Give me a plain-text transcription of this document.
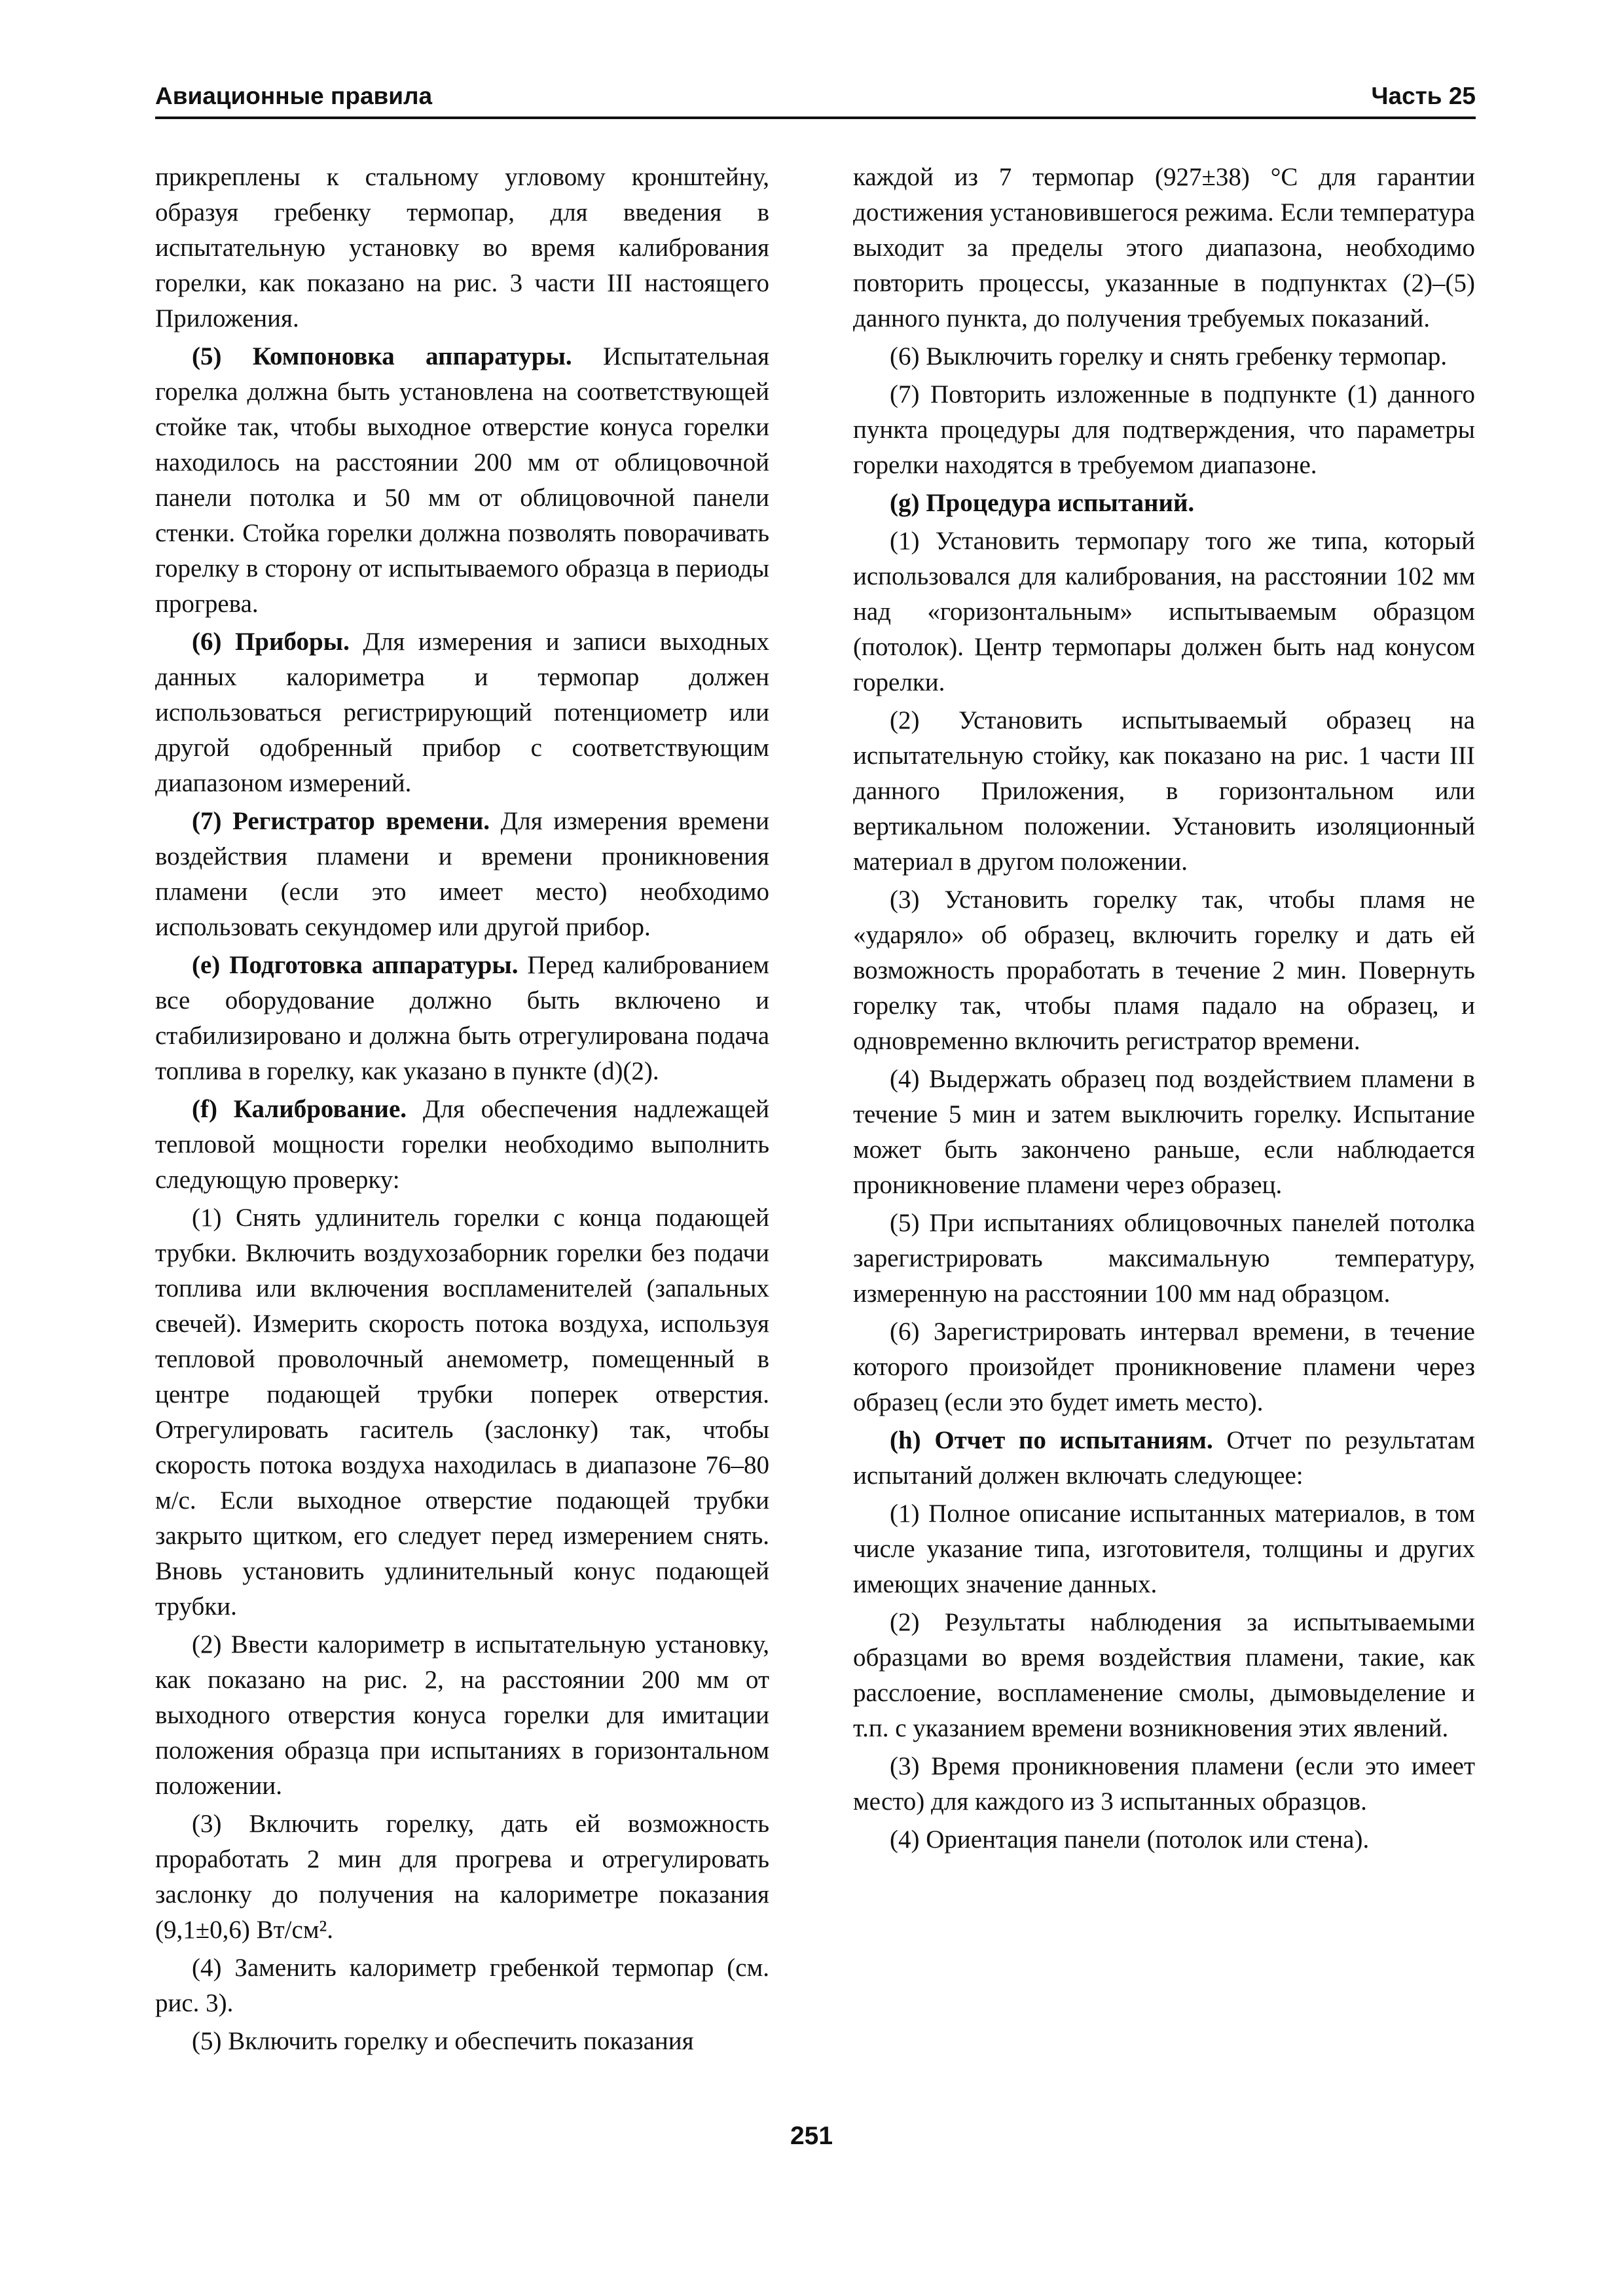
Авиационные правила	Часть 25

прикреплены к стальному угловому кронштейну, образуя гребенку термопар, для введения в испытательную установку во время калибрования горелки, как показано на рис. 3 части III настоящего Приложения.

(5) Компоновка аппаратуры. Испытательная горелка должна быть установлена на соответствующей стойке так, чтобы выходное отверстие конуса горелки находилось на расстоянии 200 мм от облицовочной панели потолка и 50 мм от облицовочной панели стенки. Стойка горелки должна позволять поворачивать горелку в сторону от испытываемого образца в периоды прогрева.

(6) Приборы. Для измерения и записи выходных данных калориметра и термопар должен использоваться регистрирующий потенциометр или другой одобренный прибор с соответствующим диапазоном измерений.

(7) Регистратор времени. Для измерения времени воздействия пламени и времени проникновения пламени (если это имеет место) необходимо использовать секундомер или другой прибор.

(e) Подготовка аппаратуры. Перед калиброванием все оборудование должно быть включено и стабилизировано и должна быть отрегулирована подача топлива в горелку, как указано в пункте (d)(2).

(f) Калибрование. Для обеспечения надлежащей тепловой мощности горелки необходимо выполнить следующую проверку:

(1) Снять удлинитель горелки с конца подающей трубки. Включить воздухозаборник горелки без подачи топлива или включения воспламенителей (запальных свечей). Измерить скорость потока воздуха, используя тепловой проволочный анемометр, помещенный в центре подающей трубки поперек отверстия. Отрегулировать гаситель (заслонку) так, чтобы скорость потока воздуха находилась в диапазоне 76–80 м/с. Если выходное отверстие подающей трубки закрыто щитком, его следует перед измерением снять. Вновь установить удлинительный конус подающей трубки.

(2) Ввести калориметр в испытательную установку, как показано на рис. 2, на расстоянии 200 мм от выходного отверстия конуса горелки для имитации положения образца при испытаниях в горизонтальном положении.

(3) Включить горелку, дать ей возможность проработать 2 мин для прогрева и отрегулировать заслонку до получения на калориметре показания (9,1±0,6) Вт/см².

(4) Заменить калориметр гребенкой термопар (см. рис. 3).

(5) Включить горелку и обеспечить показания

каждой из 7 термопар (927±38) °С для гарантии достижения установившегося режима. Если температура выходит за пределы этого диапазона, необходимо повторить процессы, указанные в подпунктах (2)–(5) данного пункта, до получения требуемых показаний.

(6) Выключить горелку и снять гребенку термопар.

(7) Повторить изложенные в подпункте (1) данного пункта процедуры для подтверждения, что параметры горелки находятся в требуемом диапазоне.

(g) Процедура испытаний.

(1) Установить термопару того же типа, который использовался для калибрования, на расстоянии 102 мм над «горизонтальным» испытываемым образцом (потолок). Центр термопары должен быть над конусом горелки.

(2) Установить испытываемый образец на испытательную стойку, как показано на рис. 1 части III данного Приложения, в горизонтальном или вертикальном положении. Установить изоляционный материал в другом положении.

(3) Установить горелку так, чтобы пламя не «ударяло» об образец, включить горелку и дать ей возможность проработать в течение 2 мин. Повернуть горелку так, чтобы пламя падало на образец, и одновременно включить регистратор времени.

(4) Выдержать образец под воздействием пламени в течение 5 мин и затем выключить горелку. Испытание может быть закончено раньше, если наблюдается проникновение пламени через образец.

(5) При испытаниях облицовочных панелей потолка зарегистрировать максимальную температуру, измеренную на расстоянии 100 мм над образцом.

(6) Зарегистрировать интервал времени, в течение которого произойдет проникновение пламени через образец (если это будет иметь место).

(h) Отчет по испытаниям. Отчет по результатам испытаний должен включать следующее:

(1) Полное описание испытанных материалов, в том числе указание типа, изготовителя, толщины и других имеющих значение данных.

(2) Результаты наблюдения за испытываемыми образцами во время воздействия пламени, такие, как расслоение, воспламенение смолы, дымовыделение и т.п. с указанием времени возникновения этих явлений.

(3) Время проникновения пламени (если это имеет место) для каждого из 3 испытанных образцов.

(4) Ориентация панели (потолок или стена).

251
